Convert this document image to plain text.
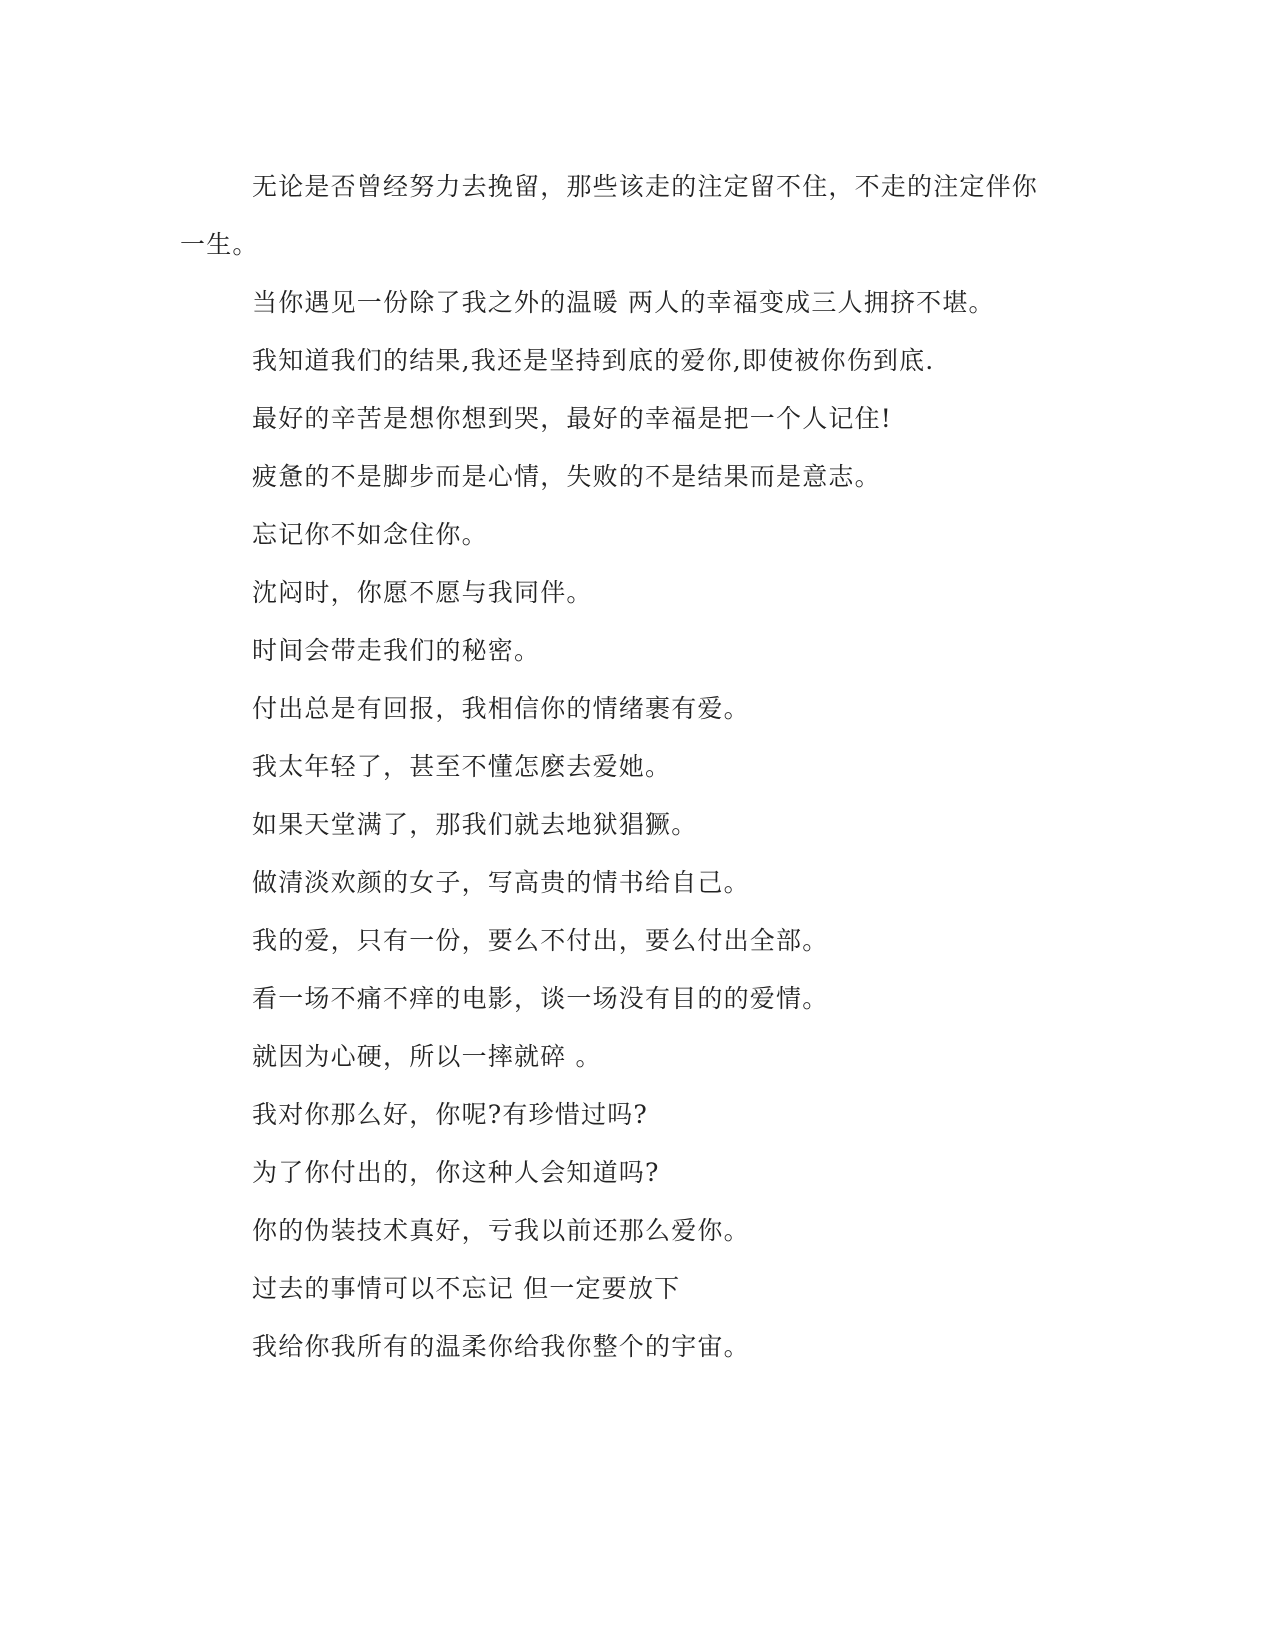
无论是否曾经努力去挽留，那些该走的注定留不住，不走的注定伴你一生。

当你遇见一份除了我之外的温暖 两人的幸福变成三人拥挤不堪。

我知道我们的结果,我还是坚持到底的爱你,即使被你伤到底.

最好的辛苦是想你想到哭，最好的幸福是把一个人记住!

疲惫的不是脚步而是心情，失败的不是结果而是意志。

忘记你不如念住你。

沈闷时，你愿不愿与我同伴。

时间会带走我们的秘密。

付出总是有回报，我相信你的情绪裹有爱。

我太年轻了，甚至不懂怎麽去爱她。

如果天堂满了，那我们就去地狱猖獗。

做清淡欢颜的女子，写高贵的情书给自己。

我的爱，只有一份，要么不付出，要么付出全部。

看一场不痛不痒的电影，谈一场没有目的的爱情。

就因为心硬，所以一摔就碎 。

我对你那么好，你呢?有珍惜过吗?

为了你付出的，你这种人会知道吗?

你的伪装技术真好，亏我以前还那么爱你。

过去的事情可以不忘记 但一定要放下

我给你我所有的温柔你给我你整个的宇宙。
